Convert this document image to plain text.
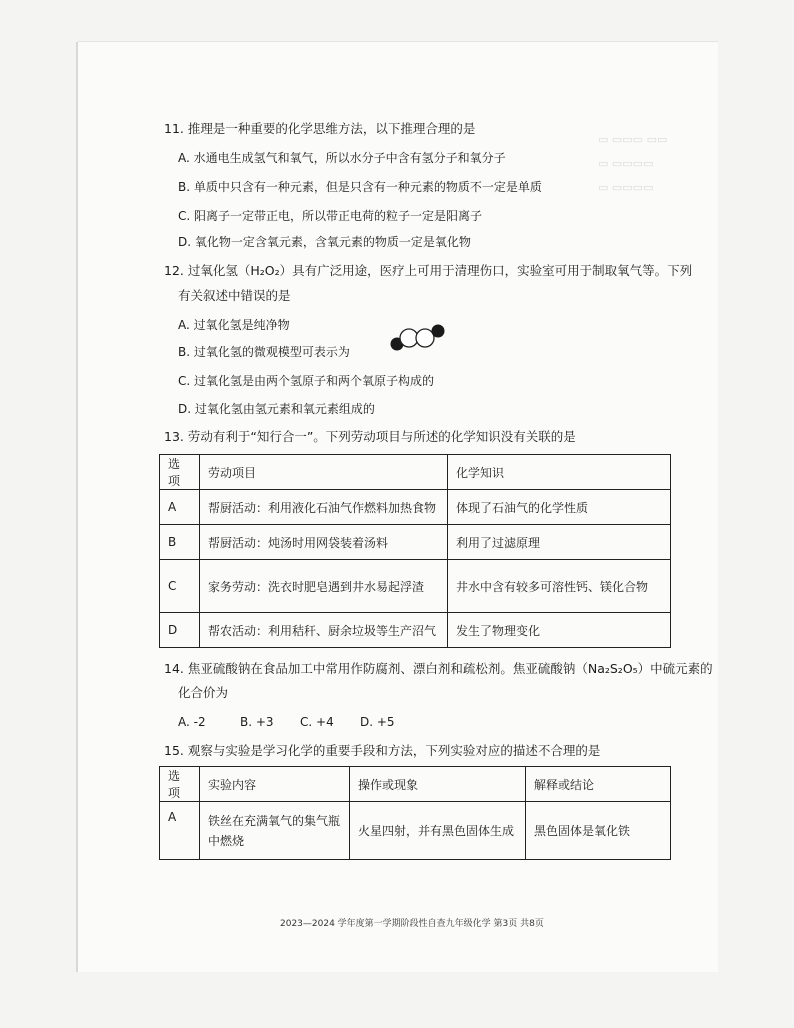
▭ ▭▭▭ ▭▭
▭ ▭▭▭▭
▭ ▭▭▭▭
11. 推理是一种重要的化学思维方法，以下推理合理的是
A. 水通电生成氢气和氧气，所以水分子中含有氢分子和氧分子
B. 单质中只含有一种元素，但是只含有一种元素的物质不一定是单质
C. 阳离子一定带正电，所以带正电荷的粒子一定是阳离子
D. 氧化物一定含氧元素，含氧元素的物质一定是氧化物
12. 过氧化氢（H₂O₂）具有广泛用途，医疗上可用于清理伤口，实验室可用于制取氧气等。下列
有关叙述中错误的是
A. 过氧化氢是纯净物
B. 过氧化氢的微观模型可表示为
C. 过氧化氢是由两个氢原子和两个氧原子构成的
D. 过氧化氢由氢元素和氧元素组成的
13. 劳动有利于“知行合一”。下列劳动项目与所述的化学知识没有关联的是
选项	劳动项目	化学知识
A	帮厨活动：利用液化石油气作燃料加热食物	体现了石油气的化学性质
B	帮厨活动：炖汤时用网袋装着汤料	利用了过滤原理
C	家务劳动：洗衣时肥皂遇到井水易起浮渣	井水中含有较多可溶性钙、镁化合物
D	帮农活动：利用秸秆、厨余垃圾等生产沼气	发生了物理变化
14. 焦亚硫酸钠在食品加工中常用作防腐剂、漂白剂和疏松剂。焦亚硫酸钠（Na₂S₂O₅）中硫元素的
化合价为
A. -2	B. +3 C. +4 D. +5
15. 观察与实验是学习化学的重要手段和方法，下列实验对应的描述不合理的是
选项	实验内容	操作或现象	解释或结论
A	铁丝在充满氧气的集气瓶
中燃烧	火星四射，并有黑色固体生成	黑色固体是氧化铁
2023—2024 学年度第一学期阶段性自查九年级化学 第3页 共8页
